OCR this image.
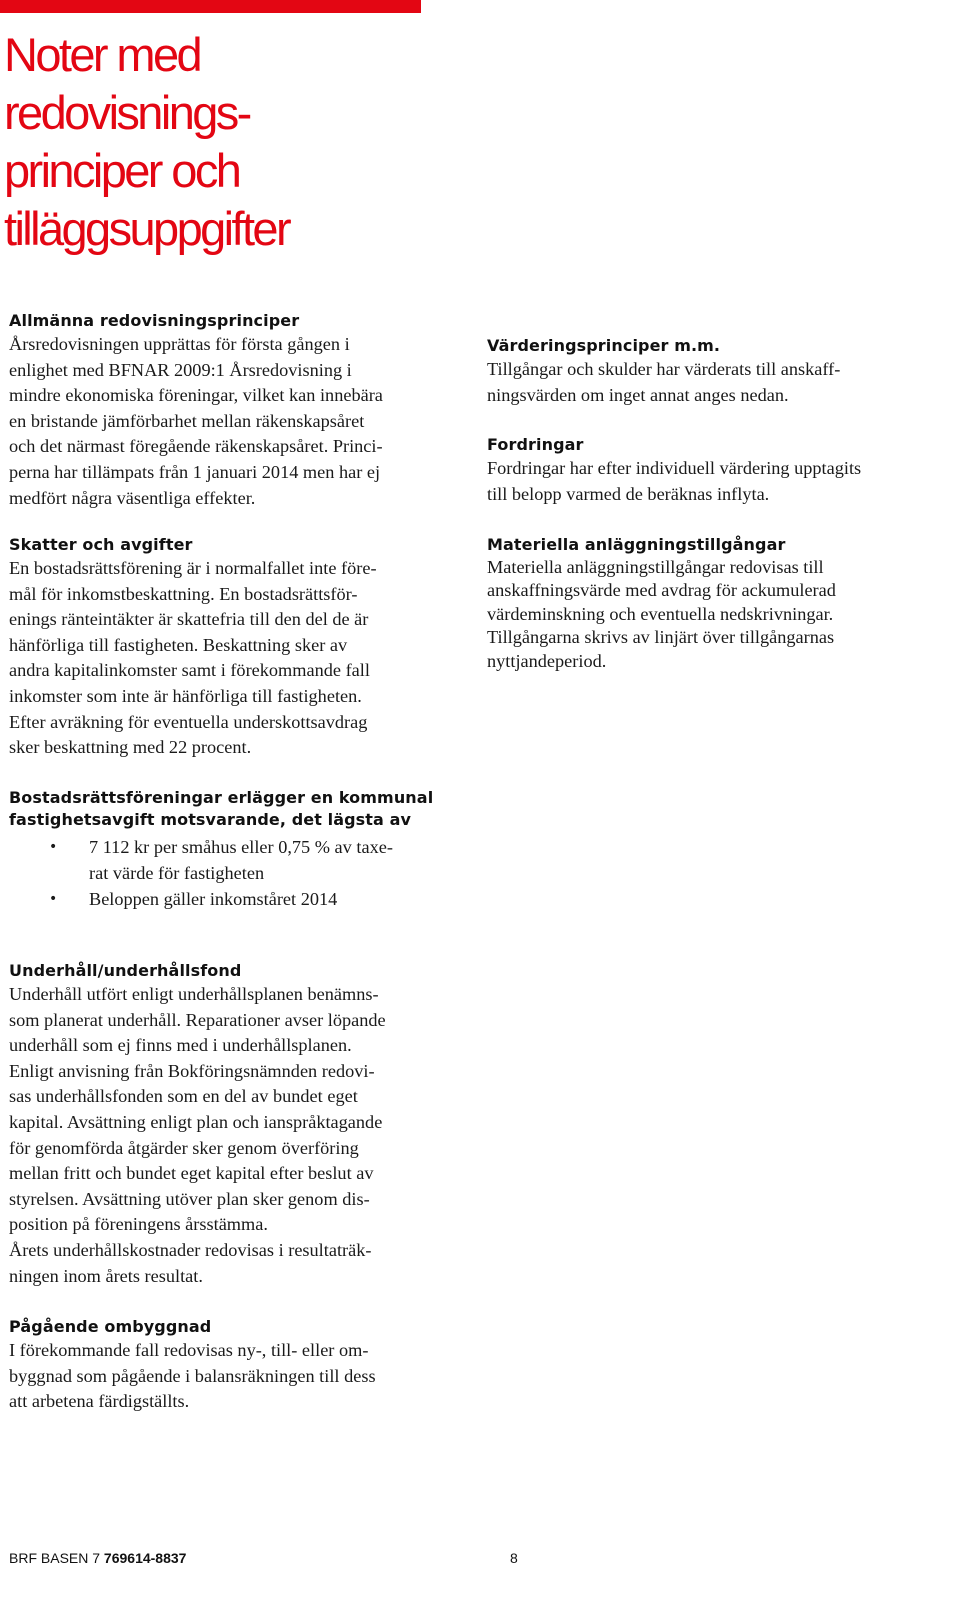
Noter med
redovisnings-
principer och
tilläggsuppgifter
Allmänna redovisningsprinciper

Årsredovisningen upprättas för första gången i
enlighet med BFNAR 2009:1 Årsredovisning i
mindre ekonomiska föreningar, vilket kan innebära
en bristande jämförbarhet mellan räkenskapsåret
och det närmast föregående räkenskapsåret. Princi-
perna har tillämpats från 1 januari 2014 men har ej
medfört några väsentliga effekter.

Skatter och avgifter

En bostadsrättsförening är i normalfallet inte före-
mål för inkomstbeskattning. En bostadsrättsför-
enings ränteintäkter är skattefria till den del de är
hänförliga till fastigheten. Beskattning sker av
andra kapitalinkomster samt i förekommande fall
inkomster som inte är hänförliga till fastigheten.
Efter avräkning för eventuella underskottsavdrag
sker beskattning med 22 procent.

Bostadsrättsföreningar erlägger en kommunal
fastighetsavgift motsvarande, det lägsta av
• 7 112 kr per småhus eller 0,75 % av taxe-
rat värde för fastigheten
• Beloppen gäller inkomståret 2014
Underhåll/underhållsfond

Underhåll utfört enligt underhållsplanen benämns-
som planerat underhåll. Reparationer avser löpande
underhåll som ej finns med i underhållsplanen.
Enligt anvisning från Bokföringsnämnden redovi-
sas underhållsfonden som en del av bundet eget
kapital. Avsättning enligt plan och ianspråktagande
för genomförda åtgärder sker genom överföring
mellan fritt och bundet eget kapital efter beslut av
styrelsen. Avsättning utöver plan sker genom dis-
position på föreningens årsstämma.
Årets underhållskostnader redovisas i resultaträk-
ningen inom årets resultat.

Pågående ombyggnad

I förekommande fall redovisas ny-, till- eller om-
byggnad som pågående i balansräkningen till dess
att arbetena färdigställts.

Värderingsprinciper m.m.

Tillgångar och skulder har värderats till anskaff-
ningsvärden om inget annat anges nedan.

Fordringar

Fordringar har efter individuell värdering upptagits
till belopp varmed de beräknas inflyta.

Materiella anläggningstillgångar

Materiella anläggningstillgångar redovisas till
anskaffningsvärde med avdrag för ackumulerad
värdeminskning och eventuella nedskrivningar.
Tillgångarna skrivs av linjärt över tillgångarnas
nyttjandeperiod.

BRF BASEN 7 769614-8837	8
